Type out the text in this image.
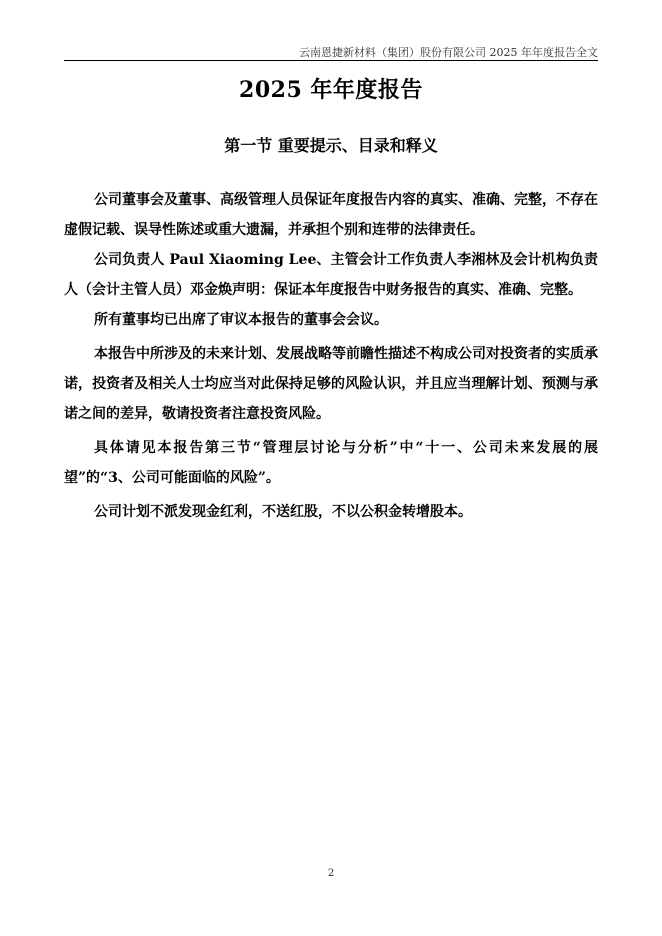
云南恩捷新材料（集团）股份有限公司 2025 年年度报告全文
2025 年年度报告
第一节 重要提示、目录和释义

公司董事会及董事、高级管理人员保证年度报告内容的真实、准确、完整，不存在虚假记载、误导性陈述或重大遗漏，并承担个别和连带的法律责任。

公司负责人 Paul Xiaoming Lee、主管会计工作负责人李湘林及会计机构负责人（会计主管人员）邓金焕声明：保证本年度报告中财务报告的真实、准确、完整。

所有董事均已出席了审议本报告的董事会会议。

本报告中所涉及的未来计划、发展战略等前瞻性描述不构成公司对投资者的实质承诺，投资者及相关人士均应当对此保持足够的风险认识，并且应当理解计划、预测与承诺之间的差异，敬请投资者注意投资风险。

具体请见本报告第三节“管理层讨论与分析”中“十一、公司未来发展的展望”的“3、公司可能面临的风险”。

公司计划不派发现金红利，不送红股，不以公积金转增股本。

2
